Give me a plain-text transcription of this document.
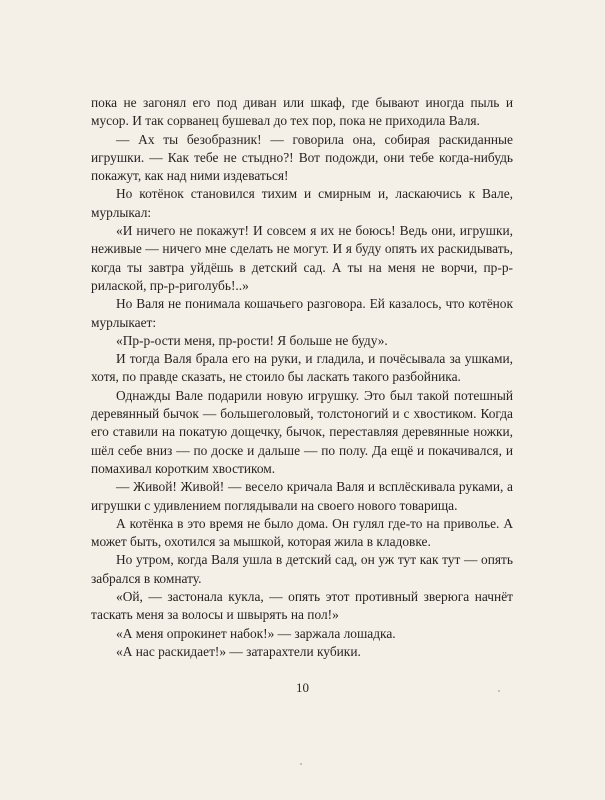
пока не загонял его под диван или шкаф, где бывают иногда пыль и мусор. И так сорванец бушевал до тех пор, пока не приходила Валя.

— Ах ты безобразник! — говорила она, собирая раскиданные игрушки. — Как тебе не стыдно?! Вот подожди, они тебе когда-нибудь покажут, как над ними издеваться!

Но котёнок становился тихим и смирным и, ласкаючись к Вале, мурлыкал:

«И ничего не покажут! И совсем я их не боюсь! Ведь они, игрушки, неживые — ничего мне сделать не могут. И я буду опять их раскидывать, когда ты завтра уйдёшь в детский сад. А ты на меня не ворчи, пр-р-рилаской, пр-р-риголубь!..»

Но Валя не понимала кошачьего разговора. Ей казалось, что котёнок мурлыкает:

«Пр-р-ости меня, пр-рости! Я больше не буду».

И тогда Валя брала его на руки, и гладила, и почёсывала за ушками, хотя, по правде сказать, не стоило бы ласкать такого разбойника.

Однажды Вале подарили новую игрушку. Это был такой потешный деревянный бычок — большеголовый, толстоногий и с хвостиком. Когда его ставили на покатую дощечку, бычок, переставляя деревянные ножки, шёл себе вниз — по доске и дальше — по полу. Да ещё и покачивался, и помахивал коротким хвостиком.

— Живой! Живой! — весело кричала Валя и всплёскивала руками, а игрушки с удивлением поглядывали на своего нового товарища.

А котёнка в это время не было дома. Он гулял где-то на приволье. А может быть, охотился за мышкой, которая жила в кладовке.

Но утром, когда Валя ушла в детский сад, он уж тут как тут — опять забрался в комнату.

«Ой, — застонала кукла, — опять этот противный зверюга начнёт таскать меня за волосы и швырять на пол!»

«А меня опрокинет набок!» — заржала лошадка.

«А нас раскидает!» — затарахтели кубики.

10
